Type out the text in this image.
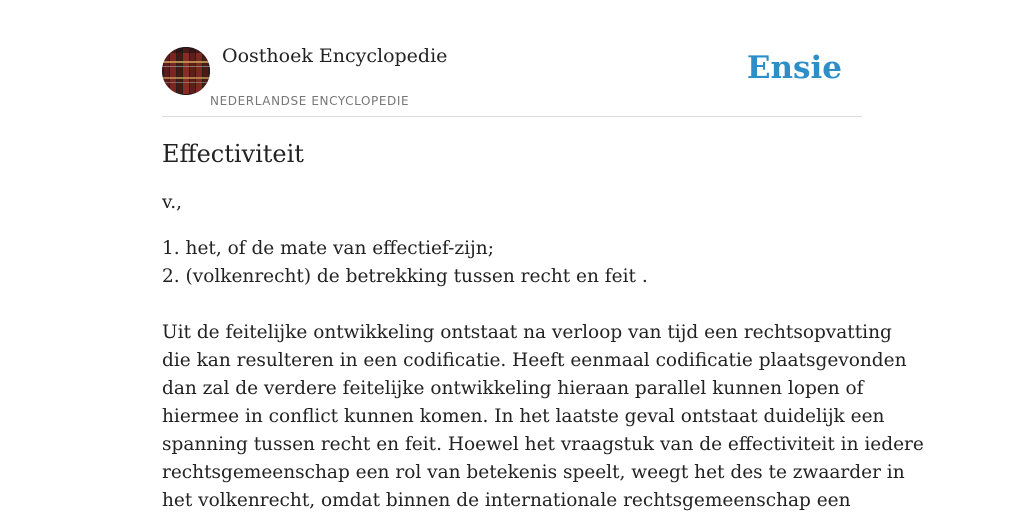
Oosthoek Encyclopedie
NEDERLANDSE ENCYCLOPEDIE
Ensie
Effectiviteit

v.,

1. het, of de mate van effectief-zijn;
2. (volkenrecht) de betrekking tussen recht en feit .

Uit de feitelijke ontwikkeling ontstaat na verloop van tijd een rechtsopvatting
die kan resulteren in een codificatie. Heeft eenmaal codificatie plaatsgevonden
dan zal de verdere feitelijke ontwikkeling hieraan parallel kunnen lopen of
hiermee in conflict kunnen komen. In het laatste geval ontstaat duidelijk een
spanning tussen recht en feit. Hoewel het vraagstuk van de effectiviteit in iedere
rechtsgemeenschap een rol van betekenis speelt, weegt het des te zwaarder in
het volkenrecht, omdat binnen de internationale rechtsgemeenschap een
